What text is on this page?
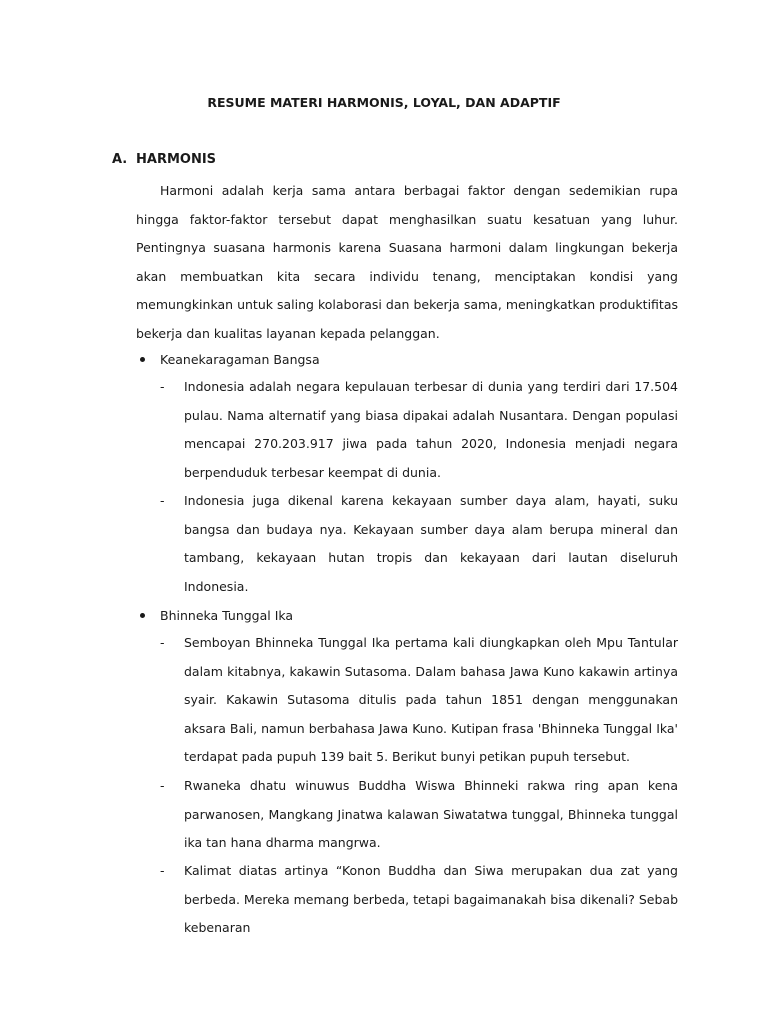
RESUME MATERI HARMONIS, LOYAL, DAN ADAPTIF
A. HARMONIS

Harmoni adalah kerja sama antara berbagai faktor dengan sedemikian rupa hingga faktor-faktor tersebut dapat menghasilkan suatu kesatuan yang luhur. Pentingnya suasana harmonis karena Suasana harmoni dalam lingkungan bekerja akan membuatkan kita secara individu tenang, menciptakan kondisi yang memungkinkan untuk saling kolaborasi dan bekerja sama, meningkatkan produktifitas bekerja dan kualitas layanan kepada pelanggan.

Keanekaragaman Bangsa
- Indonesia adalah negara kepulauan terbesar di dunia yang terdiri dari 17.504 pulau. Nama alternatif yang biasa dipakai adalah Nusantara. Dengan populasi mencapai 270.203.917 jiwa pada tahun 2020, Indonesia menjadi negara berpenduduk terbesar keempat di dunia.
- Indonesia juga dikenal karena kekayaan sumber daya alam, hayati, suku bangsa dan budaya nya. Kekayaan sumber daya alam berupa mineral dan tambang, kekayaan hutan tropis dan kekayaan dari lautan diseluruh Indonesia.
Bhinneka Tunggal Ika
- Semboyan Bhinneka Tunggal Ika pertama kali diungkapkan oleh Mpu Tantular dalam kitabnya, kakawin Sutasoma. Dalam bahasa Jawa Kuno kakawin artinya syair. Kakawin Sutasoma ditulis pada tahun 1851 dengan menggunakan aksara Bali, namun berbahasa Jawa Kuno. Kutipan frasa 'Bhinneka Tunggal Ika' terdapat pada pupuh 139 bait 5. Berikut bunyi petikan pupuh tersebut.
- Rwaneka dhatu winuwus Buddha Wiswa Bhinneki rakwa ring apan kena parwanosen, Mangkang Jinatwa kalawan Siwatatwa tunggal, Bhinneka tunggal ika tan hana dharma mangrwa.
- Kalimat diatas artinya “Konon Buddha dan Siwa merupakan dua zat yang berbeda. Mereka memang berbeda, tetapi bagaimanakah bisa dikenali? Sebab kebenaran
